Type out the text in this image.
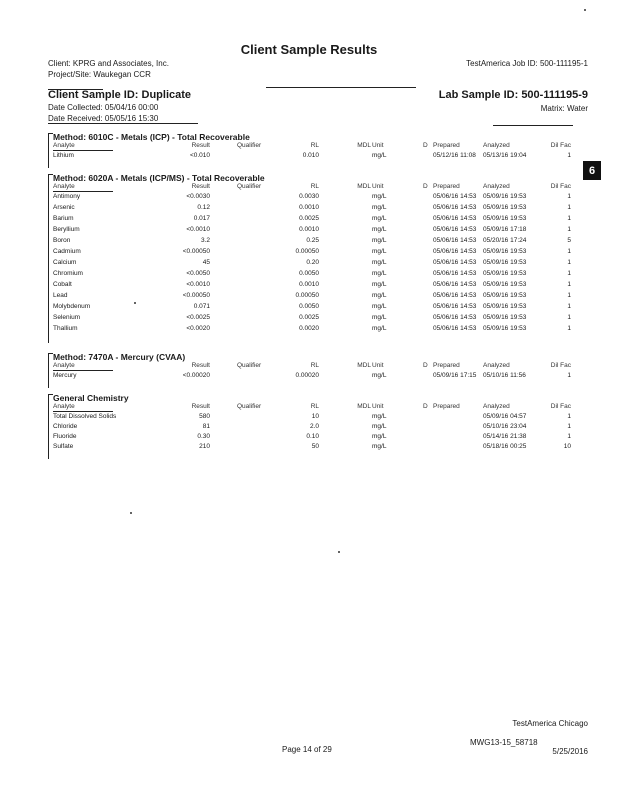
Client Sample Results
Client: KPRG and Associates, Inc.
Project/Site: Waukegan CCR
TestAmerica Job ID: 500-111195-1
Client Sample ID: Duplicate	Lab Sample ID: 500-111195-9
Date Collected: 05/04/16 00:00	Matrix: Water
Date Received: 05/05/16 15:30
6
Method: 6010C - Metals (ICP) - Total Recoverable
Analyte	Result	Qualifier	RL	MDL Unit	D Prepared	Analyzed	Dil Fac
Lithium	<0.010	0.010	mg/L	05/12/16 11:08 05/13/16 19:04	1
Method: 6020A - Metals (ICP/MS) - Total Recoverable
Analyte	Result	Qualifier	RL	MDL Unit	D Prepared	Analyzed	Dil Fac
Antimony	<0.0030	0.0030	mg/L	05/06/16 14:53 05/09/16 19:53	1
Arsenic	0.12	0.0010	mg/L	05/06/16 14:53 05/09/16 19:53	1
Barium	0.017	0.0025	mg/L	05/06/16 14:53 05/09/16 19:53	1
Beryllium	<0.0010	0.0010	mg/L	05/06/16 14:53 05/09/16 17:18	1
Boron	3.2	0.25	mg/L	05/06/16 14:53 05/20/16 17:24	5
Cadmium	<0.00050	0.00050	mg/L	05/06/16 14:53 05/09/16 19:53	1
Calcium	45	0.20	mg/L	05/06/16 14:53 05/09/16 19:53	1
Chromium	<0.0050	0.0050	mg/L	05/06/16 14:53 05/09/16 19:53	1
Cobalt	<0.0010	0.0010	mg/L	05/06/16 14:53 05/09/16 19:53	1
Lead	<0.00050	0.00050	mg/L	05/06/16 14:53 05/09/16 19:53	1
Molybdenum	0.071	0.0050	mg/L	05/06/16 14:53 05/09/16 19:53	1
Selenium	<0.0025	0.0025	mg/L	05/06/16 14:53 05/09/16 19:53	1
Thallium	<0.0020	0.0020	mg/L	05/06/16 14:53 05/09/16 19:53	1
Method: 7470A - Mercury (CVAA)
Analyte	Result	Qualifier	RL	MDL Unit	D Prepared	Analyzed	Dil Fac
Mercury	<0.00020	0.00020	mg/L	05/09/16 17:15 05/10/16 11:56	1
General Chemistry
Analyte	Result	Qualifier	RL	MDL Unit	D Prepared	Analyzed	Dil Fac
Total Dissolved Solids	580	10	mg/L	05/09/16 04:57	1
Chloride	81	2.0	mg/L	05/10/16 23:04	1
Fluoride	0.30	0.10	mg/L	05/14/16 21:38	1
Sulfate	210	50	mg/L	05/18/16 00:25	10
TestAmerica Chicago
Page 14 of 29
MWG13-15_58718
5/25/2016
